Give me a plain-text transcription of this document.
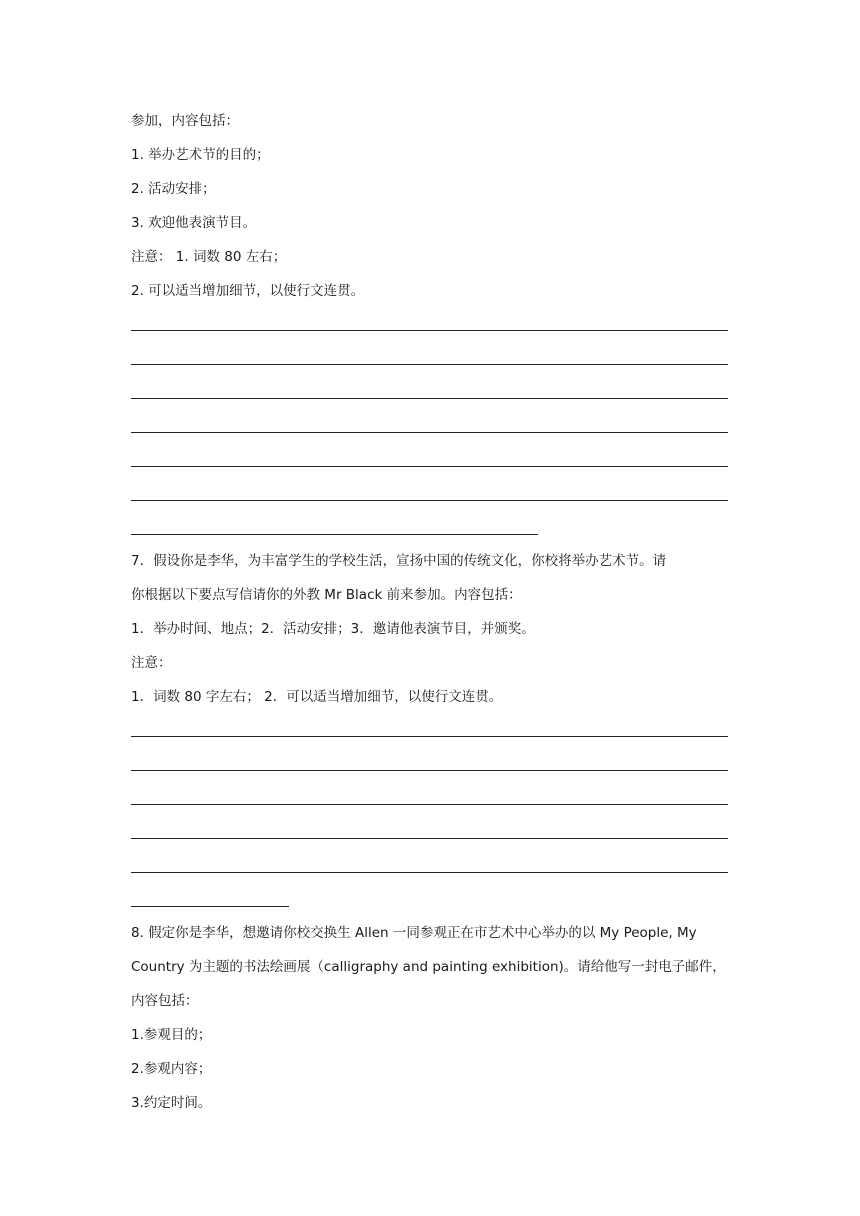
参加，内容包括：
1. 举办艺术节的目的；
2. 活动安排；
3. 欢迎他表演节目。
注意： 1. 词数 80 左右；
2. 可以适当增加细节，以使行文连贯。
7．假设你是李华，为丰富学生的学校生活，宣扬中国的传统文化，你校将举办艺术节。请
你根据以下要点写信请你的外教 Mr Black 前来参加。内容包括：
1．举办时间、地点；2．活动安排；3．邀请他表演节目，并颁奖。
注意：
1．词数 80 字左右； 2．可以适当增加细节，以使行文连贯。
8. 假定你是李华，想邀请你校交换生 Allen 一同参观正在市艺术中心举办的以 My People, My
Country 为主题的书法绘画展（calligraphy and painting exhibition)。请给他写一封电子邮件，
内容包括：
1.参观目的；
2.参观内容；
3.约定时间。
